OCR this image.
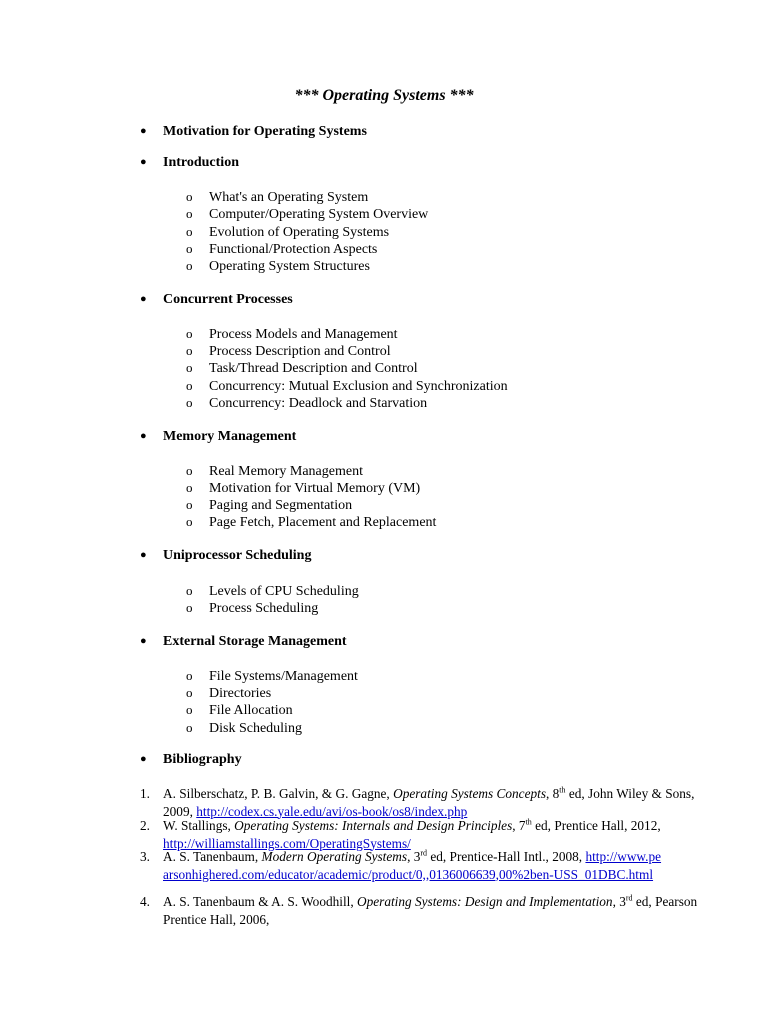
*** Operating Systems ***
● Motivation for Operating Systems
● Introduction
o What's an Operating System
o Computer/Operating System Overview
o Evolution of Operating Systems
o Functional/Protection Aspects
o Operating System Structures
● Concurrent Processes
o Process Models and Management
o Process Description and Control
o Task/Thread Description and Control
o Concurrency: Mutual Exclusion and Synchronization
o Concurrency: Deadlock and Starvation
● Memory Management
o Real Memory Management
o Motivation for Virtual Memory (VM)
o Paging and Segmentation
o Page Fetch, Placement and Replacement
● Uniprocessor Scheduling
o Levels of CPU Scheduling
o Process Scheduling
● External Storage Management
o File Systems/Management
o Directories
o File Allocation
o Disk Scheduling
● Bibliography
1. A. Silberschatz, P. B. Galvin, & G. Gagne, Operating Systems Concepts, 8th ed, John Wiley & Sons, 2009, http://codex.cs.yale.edu/avi/os-book/os8/index.php
2. W. Stallings, Operating Systems: Internals and Design Principles, 7th ed, Prentice Hall, 2012, http://williamstallings.com/OperatingSystems/
3. A. S. Tanenbaum, Modern Operating Systems, 3rd ed, Prentice-Hall Intl., 2008, http://www.pearsonhighered.com/educator/academic/product/0,,0136006639,00%2ben-USS_01DBC.html
4. A. S. Tanenbaum & A. S. Woodhill, Operating Systems: Design and Implementation, 3rd ed, Pearson Prentice Hall, 2006,
